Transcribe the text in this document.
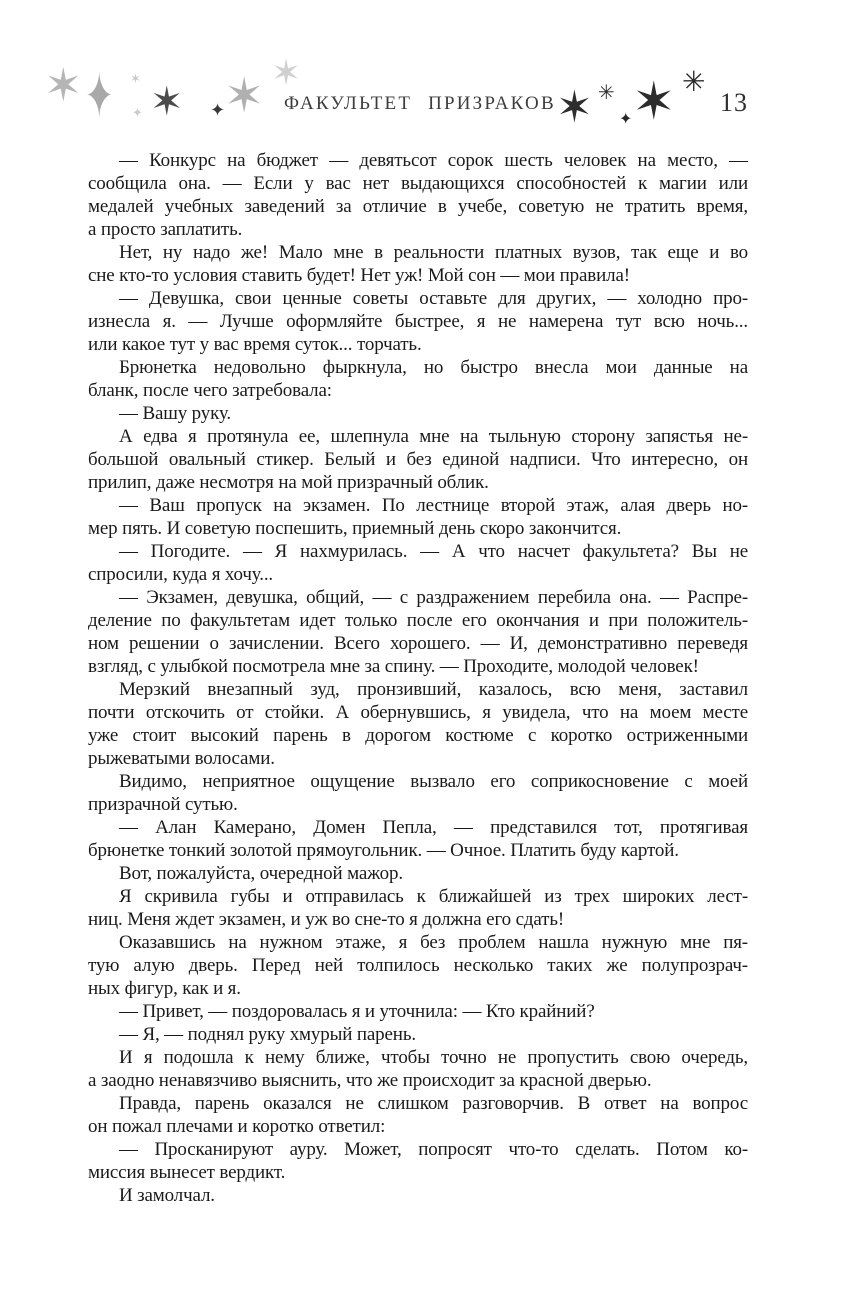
✶ ✦ ✶ ✶
✦	✦
✶ ✶
ФАКУЛЬТЕТ ПРИЗРАКОВ ✶ ✳
✦ ✶ ✳
13
— Конкурс на бюджет — девятьсот сорок шесть человек на место, —
сообщила она. — Если у вас нет выдающихся способностей к магии или
медалей учебных заведений за отличие в учебе, советую не тратить время,
а просто заплатить.
Нет, ну надо же! Мало мне в реальности платных вузов, так еще и во
сне кто-то условия ставить будет! Нет уж! Мой сон — мои правила!
— Девушка, свои ценные советы оставьте для других, — холодно про-
изнесла я. — Лучше оформляйте быстрее, я не намерена тут всю ночь...
или какое тут у вас время суток... торчать.
Брюнетка недовольно фыркнула, но быстро внесла мои данные на
бланк, после чего затребовала:
— Вашу руку.
А едва я протянула ее, шлепнула мне на тыльную сторону запястья не-
большой овальный стикер. Белый и без единой надписи. Что интересно, он
прилип, даже несмотря на мой призрачный облик.
— Ваш пропуск на экзамен. По лестнице второй этаж, алая дверь но-
мер пять. И советую поспешить, приемный день скоро закончится.
— Погодите. — Я нахмурилась. — А что насчет факультета? Вы не
спросили, куда я хочу...
— Экзамен, девушка, общий, — с раздражением перебила она. — Распре-
деление по факультетам идет только после его окончания и при положитель-
ном решении о зачислении. Всего хорошего. — И, демонстративно переведя
взгляд, с улыбкой посмотрела мне за спину. — Проходите, молодой человек!
Мерзкий внезапный зуд, пронзивший, казалось, всю меня, заставил
почти отскочить от стойки. А обернувшись, я увидела, что на моем месте
уже стоит высокий парень в дорогом костюме с коротко остриженными
рыжеватыми волосами.
Видимо, неприятное ощущение вызвало его соприкосновение с моей
призрачной сутью.
— Алан Камерано, Домен Пепла, — представился тот, протягивая
брюнетке тонкий золотой прямоугольник. — Очное. Платить буду картой.
Вот, пожалуйста, очередной мажор.
Я скривила губы и отправилась к ближайшей из трех широких лест-
ниц. Меня ждет экзамен, и уж во сне-то я должна его сдать!
Оказавшись на нужном этаже, я без проблем нашла нужную мне пя-
тую алую дверь. Перед ней толпилось несколько таких же полупрозрач-
ных фигур, как и я.
— Привет, — поздоровалась я и уточнила: — Кто крайний?
— Я, — поднял руку хмурый парень.
И я подошла к нему ближе, чтобы точно не пропустить свою очередь,
а заодно ненавязчиво выяснить, что же происходит за красной дверью.
Правда, парень оказался не слишком разговорчив. В ответ на вопрос
он пожал плечами и коротко ответил:
— Просканируют ауру. Может, попросят что-то сделать. Потом ко-
миссия вынесет вердикт.
И замолчал.
